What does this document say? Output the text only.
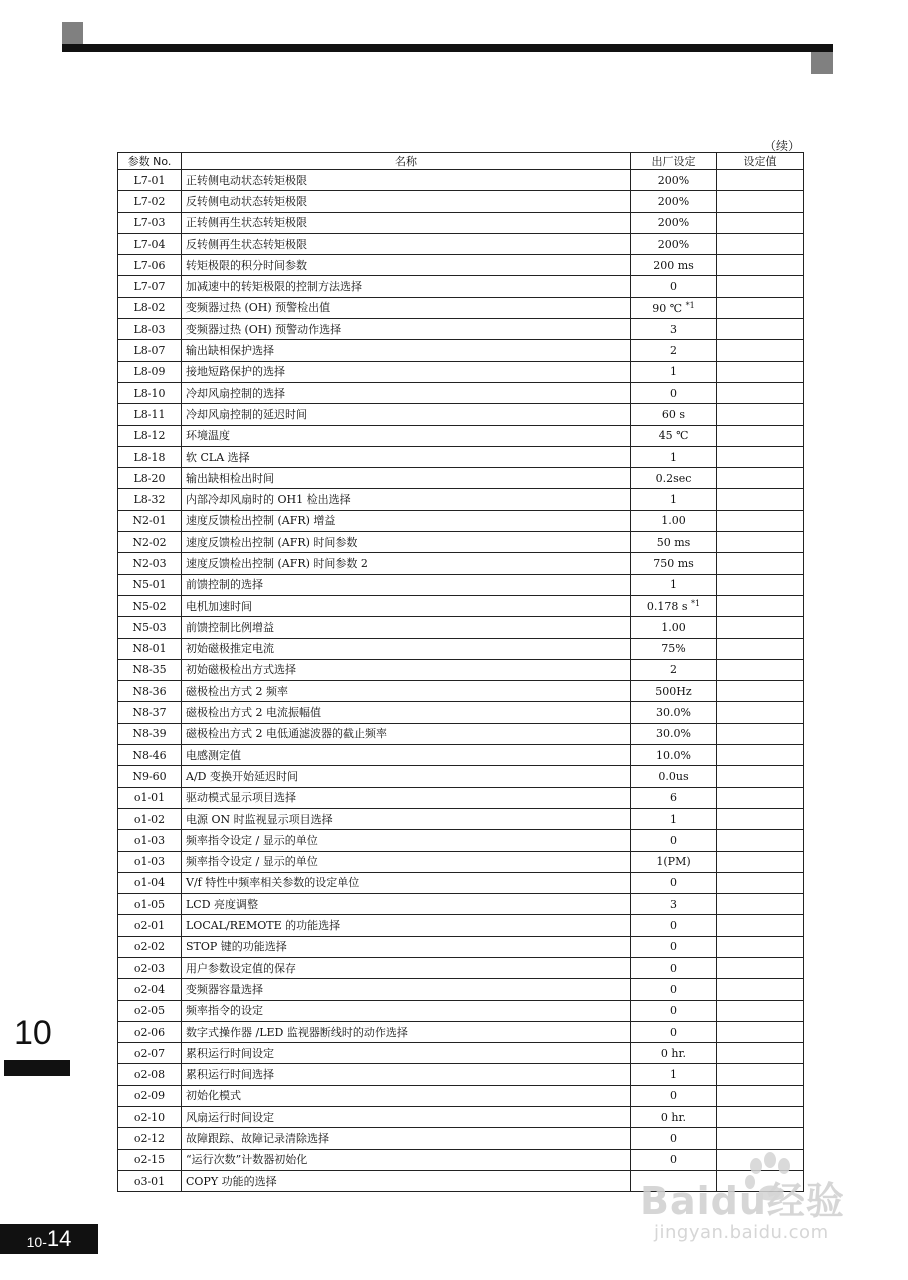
（续）
参数 No.	名称	出厂设定	设定值
L7-01	正转侧电动状态转矩极限	200%	
L7-02	反转侧电动状态转矩极限	200%	
L7-03	正转侧再生状态转矩极限	200%	
L7-04	反转侧再生状态转矩极限	200%	
L7-06	转矩极限的积分时间参数	200 ms	
L7-07	加减速中的转矩极限的控制方法选择	0	
L8-02	变频器过热 (OH) 预警检出值	90 ℃ $^{*1}$	
L8-03	变频器过热 (OH) 预警动作选择	3	
L8-07	输出缺相保护选择	2	
L8-09	接地短路保护的选择	1	
L8-10	冷却风扇控制的选择	0	
L8-11	冷却风扇控制的延迟时间	60 s	
L8-12	环境温度	45 ℃	
L8-18	软 CLA 选择	1	
L8-20	输出缺相检出时间	0.2sec	
L8-32	内部冷却风扇时的 OH1 检出选择	1	
N2-01	速度反馈检出控制 (AFR) 增益	1.00	
N2-02	速度反馈检出控制 (AFR) 时间参数	50 ms	
N2-03	速度反馈检出控制 (AFR) 时间参数 2	750 ms	
N5-01	前馈控制的选择	1	
N5-02	电机加速时间	0.178 s $^{*1}$	
N5-03	前馈控制比例增益	1.00	
N8-01	初始磁极推定电流	75%	
N8-35	初始磁极检出方式选择	2	
N8-36	磁极检出方式 2 频率	500Hz	
N8-37	磁极检出方式 2 电流振幅值	30.0%	
N8-39	磁极检出方式 2 电低通滤波器的截止频率	30.0%	
N8-46	电感测定值	10.0%	
N9-60	A/D 变换开始延迟时间	0.0us	
o1-01	驱动模式显示项目选择	6	
o1-02	电源 ON 时监视显示项目选择	1	
o1-03	频率指令设定 / 显示的单位	0	
o1-03	频率指令设定 / 显示的单位	1(PM)	
o1-04	V/f 特性中频率相关参数的设定单位	0	
o1-05	LCD 亮度调整	3	
o2-01	LOCAL/REMOTE 的功能选择	0	
o2-02	STOP 键的功能选择	0	
o2-03	用户参数设定值的保存	0	
o2-04	变频器容量选择	0	
o2-05	频率指令的设定	0	
o2-06	数字式操作器 /LED 监视器断线时的动作选择	0	
o2-07	累积运行时间设定	0 hr.	
o2-08	累积运行时间选择	1	
o2-09	初始化模式	0	
o2-10	风扇运行时间设定	0 hr.	
o2-12	故障跟踪、故障记录清除选择	0	
o2-15	“运行次数”计数器初始化	0	
o3-01	COPY 功能的选择		
10
10- 14
Baidu经验
jingyan.baidu.com
